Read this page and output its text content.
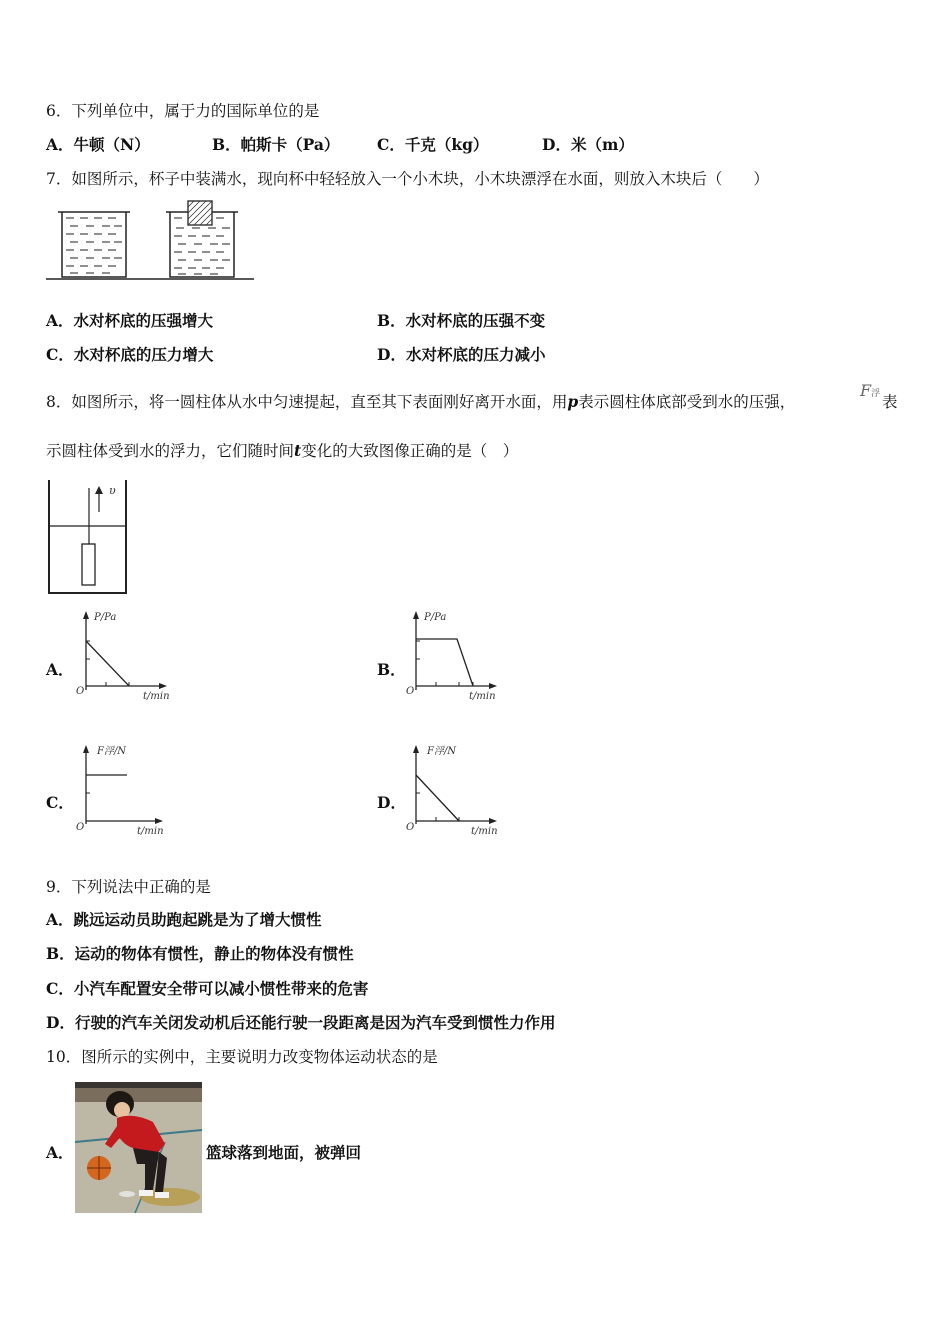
6．下列单位中，属于力的国际单位的是
A．牛顿（N）	B．帕斯卡（Pa） C．千克（kg）	D．米（m）
7．如图所示，杯子中装满水，现向杯中轻轻放入一个小木块，小木块漂浮在水面，则放入木块后（　　）
A．水对杯底的压强增大	B．水对杯底的压强不变
C．水对杯底的压力增大	D．水对杯底的压力减小
8．如图所示，将一圆柱体从水中匀速提起，直至其下表面刚好离开水面，用p表示圆柱体底部受到水的压强，
F浮 表
示圆柱体受到水的浮力，它们随时间t变化的大致图像正确的是（　）
υ
A．
P/Pa
O	t/min
B．
P/Pa
O	t/min
C．
F浮/N
O	t/min
D．
F浮/N
O	t/min
9．下列说法中正确的是
A．跳远运动员助跑起跳是为了增大惯性
B．运动的物体有惯性，静止的物体没有惯性
C．小汽车配置安全带可以减小惯性带来的危害
D．行驶的汽车关闭发动机后还能行驶一段距离是因为汽车受到惯性力作用
10．图所示的实例中，主要说明力改变物体运动状态的是
A．	篮球落到地面，被弹回
